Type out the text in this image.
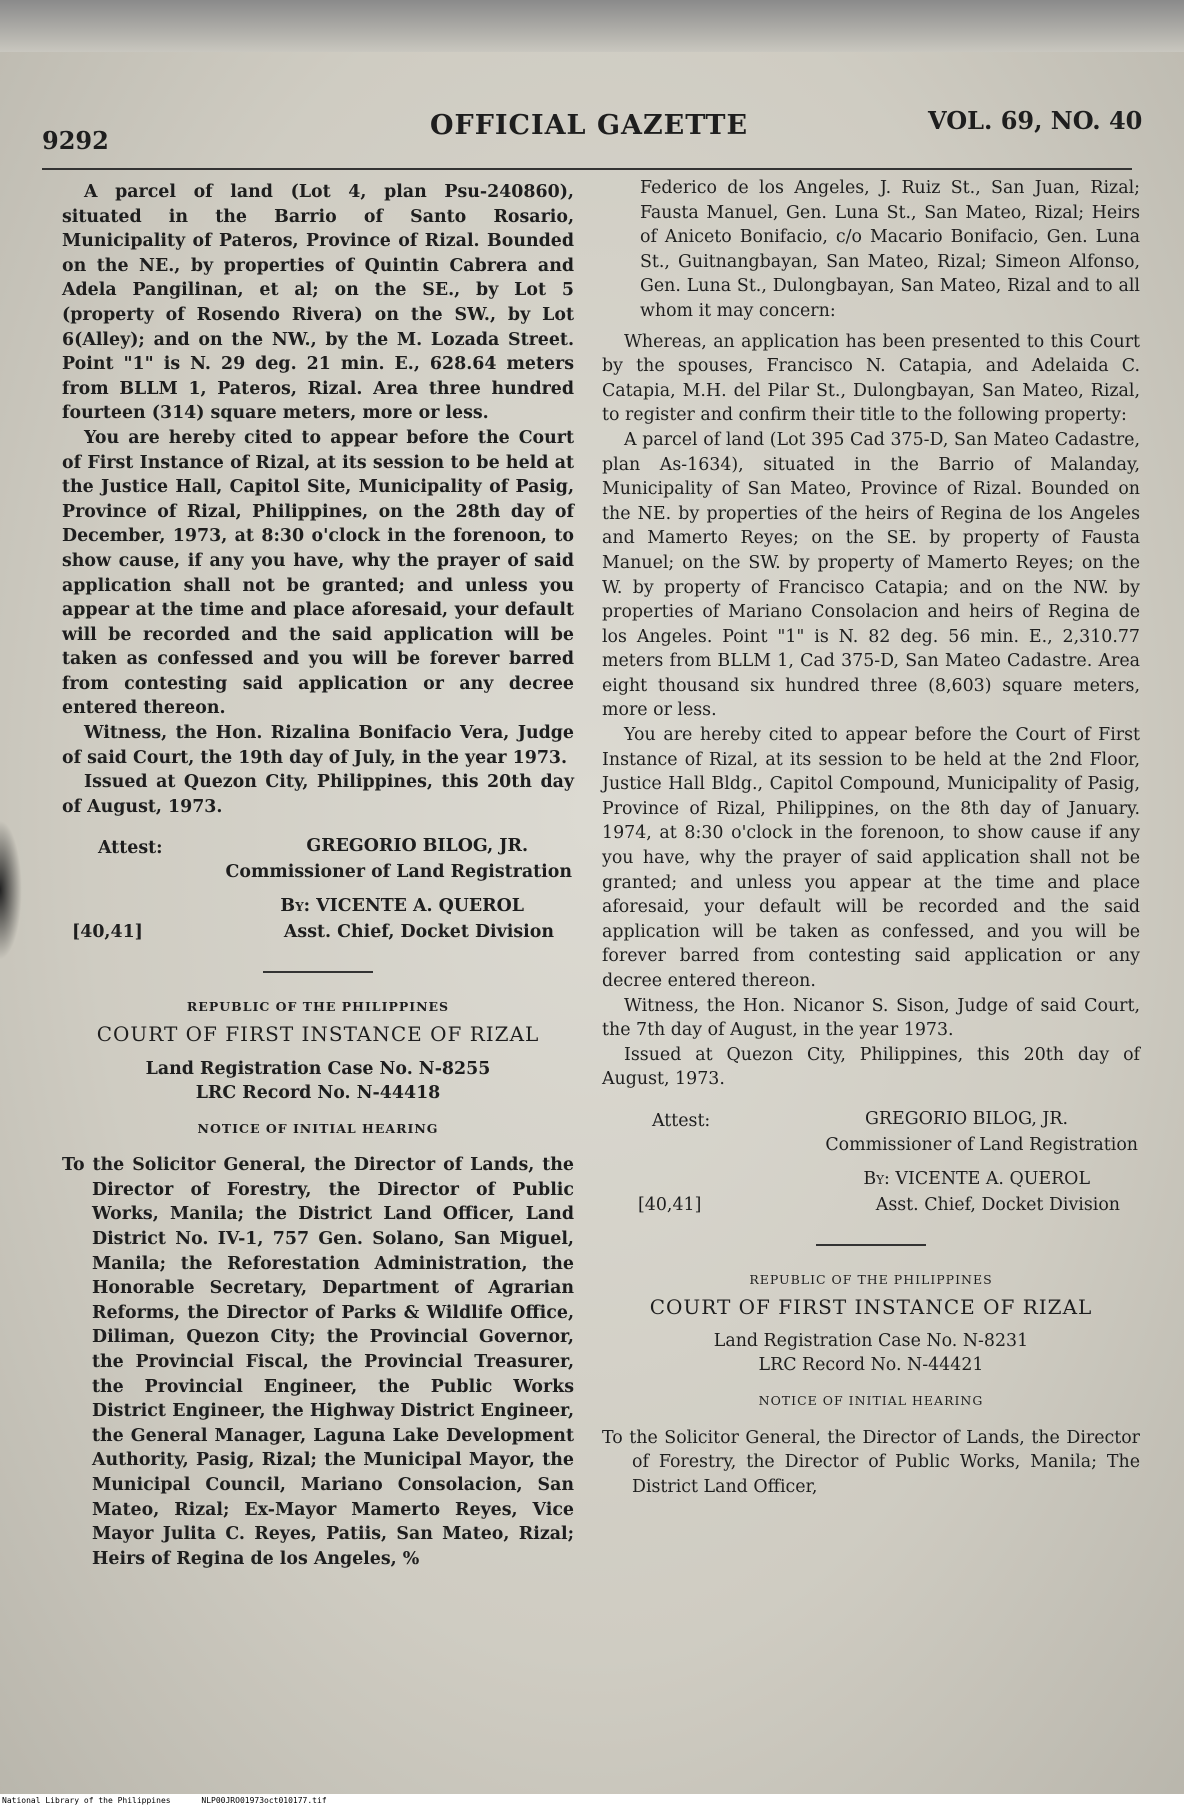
9292	OFFICIAL GAZETTE	VOL. 69, NO. 40

A parcel of land (Lot 4, plan Psu-240860), situated in the Barrio of Santo Rosario, Municipality of Pateros, Province of Rizal. Bounded on the NE., by properties of Quintin Cabrera and Adela Pangilinan, et al; on the SE., by Lot 5 (property of Rosendo Rivera) on the SW., by Lot 6(Alley); and on the NW., by the M. Lozada Street. Point "1" is N. 29 deg. 21 min. E., 628.64 meters from BLLM 1, Pateros, Rizal. Area three hundred fourteen (314) square meters, more or less.

You are hereby cited to appear before the Court of First Instance of Rizal, at its session to be held at the Justice Hall, Capitol Site, Municipality of Pasig, Province of Rizal, Philippines, on the 28th day of December, 1973, at 8:30 o'clock in the forenoon, to show cause, if any you have, why the prayer of said application shall not be granted; and unless you appear at the time and place aforesaid, your default will be recorded and the said application will be taken as confessed and you will be forever barred from contesting said application or any decree entered thereon.

Witness, the Hon. Rizalina Bonifacio Vera, Judge of said Court, the 19th day of July, in the year 1973.

Issued at Quezon City, Philippines, this 20th day of August, 1973.

Attest:	GREGORIO BILOG, JR.
Commissioner of Land Registration
By: VICENTE A. QUEROL
[40,41]	Asst. Chief, Docket Division
REPUBLIC OF THE PHILIPPINES
COURT OF FIRST INSTANCE OF RIZAL
Land Registration Case No. N-8255
LRC Record No. N-44418
NOTICE OF INITIAL HEARING

To the Solicitor General, the Director of Lands, the Director of Forestry, the Director of Public Works, Manila; the District Land Officer, Land District No. IV-1, 757 Gen. Solano, San Miguel, Manila; the Reforestation Administration, the Honorable Secretary, Department of Agrarian Reforms, the Director of Parks & Wildlife Office, Diliman, Quezon City; the Provincial Governor, the Provincial Fiscal, the Provincial Treasurer, the Provincial Engineer, the Public Works District Engineer, the Highway District Engineer, the General Manager, Laguna Lake Development Authority, Pasig, Rizal; the Municipal Mayor, the Municipal Council, Mariano Consolacion, San Mateo, Rizal; Ex-Mayor Mamerto Reyes, Vice Mayor Julita C. Reyes, Patiis, San Mateo, Rizal; Heirs of Regina de los Angeles, %

Federico de los Angeles, J. Ruiz St., San Juan, Rizal; Fausta Manuel, Gen. Luna St., San Mateo, Rizal; Heirs of Aniceto Bonifacio, c/o Macario Bonifacio, Gen. Luna St., Guitnangbayan, San Mateo, Rizal; Simeon Alfonso, Gen. Luna St., Dulongbayan, San Mateo, Rizal and to all whom it may concern:

Whereas, an application has been presented to this Court by the spouses, Francisco N. Catapia, and Adelaida C. Catapia, M.H. del Pilar St., Dulongbayan, San Mateo, Rizal, to register and confirm their title to the following property:

A parcel of land (Lot 395 Cad 375-D, San Mateo Cadastre, plan As-1634), situated in the Barrio of Malanday, Municipality of San Mateo, Province of Rizal. Bounded on the NE. by properties of the heirs of Regina de los Angeles and Mamerto Reyes; on the SE. by property of Fausta Manuel; on the SW. by property of Mamerto Reyes; on the W. by property of Francisco Catapia; and on the NW. by properties of Mariano Consolacion and heirs of Regina de los Angeles. Point "1" is N. 82 deg. 56 min. E., 2,310.77 meters from BLLM 1, Cad 375-D, San Mateo Cadastre. Area eight thousand six hundred three (8,603) square meters, more or less.

You are hereby cited to appear before the Court of First Instance of Rizal, at its session to be held at the 2nd Floor, Justice Hall Bldg., Capitol Compound, Municipality of Pasig, Province of Rizal, Philippines, on the 8th day of January. 1974, at 8:30 o'clock in the forenoon, to show cause if any you have, why the prayer of said application shall not be granted; and unless you appear at the time and place aforesaid, your default will be recorded and the said application will be taken as confessed, and you will be forever barred from contesting said application or any decree entered thereon.

Witness, the Hon. Nicanor S. Sison, Judge of said Court, the 7th day of August, in the year 1973.

Issued at Quezon City, Philippines, this 20th day of August, 1973.

Attest:	GREGORIO BILOG, JR.
Commissioner of Land Registration
By: VICENTE A. QUEROL
[40,41]	Asst. Chief, Docket Division
REPUBLIC OF THE PHILIPPINES
COURT OF FIRST INSTANCE OF RIZAL
Land Registration Case No. N-8231
LRC Record No. N-44421
NOTICE OF INITIAL HEARING

To the Solicitor General, the Director of Lands, the Director of Forestry, the Director of Public Works, Manila; The District Land Officer,

National Library of the Philippines	NLP00JRO01973oct010177.tif
